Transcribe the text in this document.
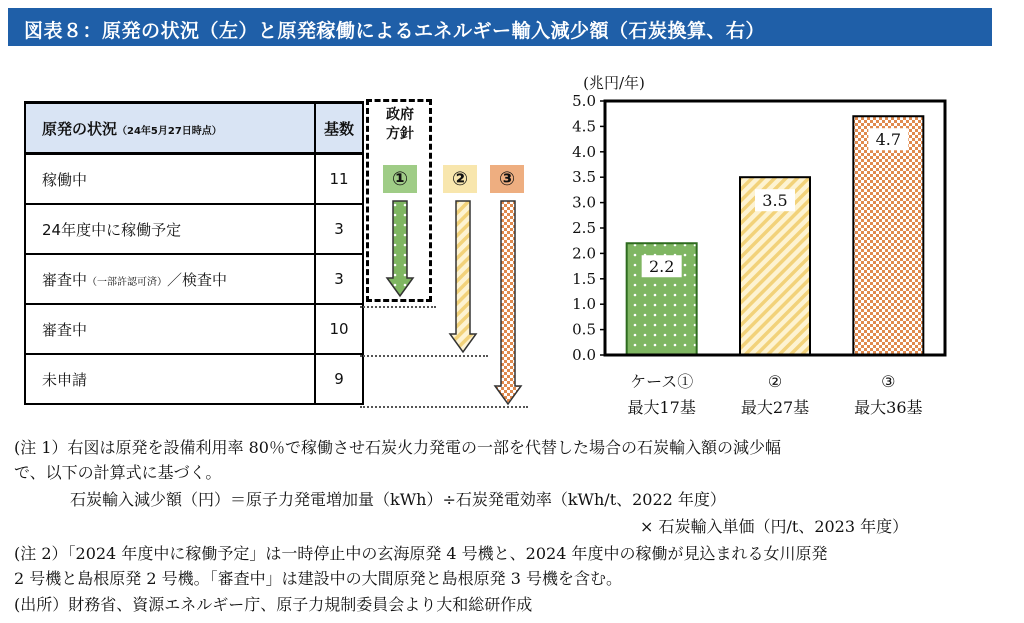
図表８：原発の状況（左）と原発稼働によるエネルギー輸入減少額（石炭換算、右）
原発の状況（24年5月27日時点）	基数
稼働中	11
24年度中に稼働予定	3
審査中（一部許認可済）／検査中	3
審査中	10
未申請	9
政府
方針
①	②	③
0.0
0.5
1.0
1.5
2.0
2.5
3.0
3.5
4.0
4.5
5.0
(兆円/年)
2.2
ケース①
最大17基
3.5
②
最大27基
4.7
③
最大36基
(注 1）右図は原発を設備利用率 80％で稼働させ石炭火力発電の一部を代替した場合の石炭輸入額の減少幅
で、以下の計算式に基づく。
石炭輸入減少額（円）＝原子力発電増加量（kWh）÷石炭発電効率（kWh/t、2022 年度）
× 石炭輸入単価（円/t、2023 年度）
(注 2）「2024 年度中に稼働予定」は一時停止中の玄海原発 4 号機と、2024 年度中の稼働が見込まれる女川原発
2 号機と島根原発 2 号機。「審査中」は建設中の大間原発と島根原発 3 号機を含む。
(出所）財務省、資源エネルギー庁、原子力規制委員会より大和総研作成
